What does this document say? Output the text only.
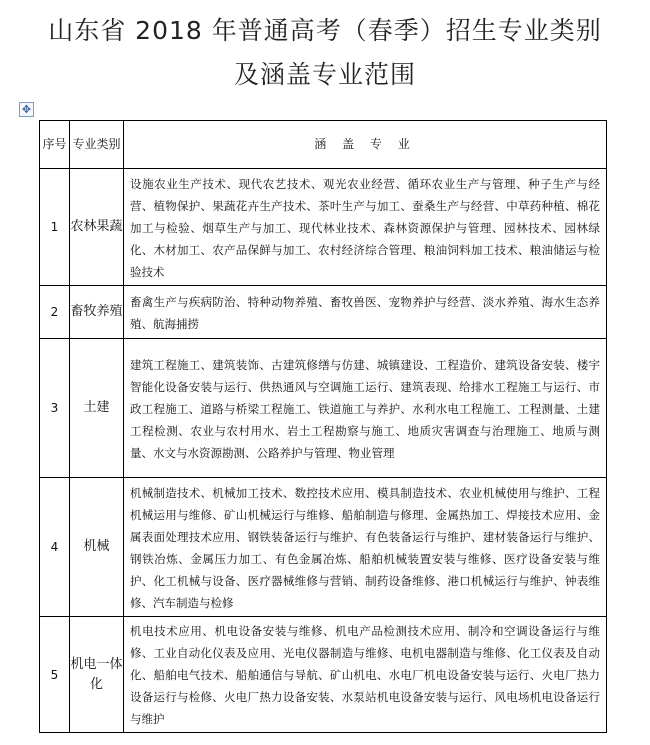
山东省 2018 年普通高考（春季）招生专业类别
及涵盖专业范围
✥
序号	专业类别	涵 盖 专 业
1	农林果蔬	设施农业生产技术、现代农艺技术、观光农业经营、循环农业生产与管理、种子生产与经营、植物保护、果蔬花卉生产技术、茶叶生产与加工、蚕桑生产与经营、中草药种植、棉花加工与检验、烟草生产与加工、现代林业技术、森林资源保护与管理、园林技术、园林绿化、木材加工、农产品保鲜与加工、农村经济综合管理、粮油饲料加工技术、粮油储运与检验技术
2	畜牧养殖	畜禽生产与疾病防治、特种动物养殖、畜牧兽医、宠物养护与经营、淡水养殖、海水生态养殖、航海捕捞
3	土建	建筑工程施工、建筑装饰、古建筑修缮与仿建、城镇建设、工程造价、建筑设备安装、楼宇智能化设备安装与运行、供热通风与空调施工运行、建筑表现、给排水工程施工与运行、市政工程施工、道路与桥梁工程施工、铁道施工与养护、水利水电工程施工、工程测量、土建工程检测、农业与农村用水、岩土工程勘察与施工、地质灾害调查与治理施工、地质与测量、水文与水资源勘测、公路养护与管理、物业管理
4	机械	机械制造技术、机械加工技术、数控技术应用、模具制造技术、农业机械使用与维护、工程机械运用与维修、矿山机械运行与维修、船舶制造与修理、金属热加工、焊接技术应用、金属表面处理技术应用、钢铁装备运行与维护、有色装备运行与维护、建材装备运行与维护、钢铁冶炼、金属压力加工、有色金属冶炼、船舶机械装置安装与维修、医疗设备安装与维护、化工机械与设备、医疗器械维修与营销、制药设备维修、港口机械运行与维护、钟表维修、汽车制造与检修
5	机电一体化	机电技术应用、机电设备安装与维修、机电产品检测技术应用、制冷和空调设备运行与维修、工业自动化仪表及应用、光电仪器制造与维修、电机电器制造与维修、化工仪表及自动化、船舶电气技术、船舶通信与导航、矿山机电、水电厂机电设备安装与运行、火电厂热力设备运行与检修、火电厂热力设备安装、水泵站机电设备安装与运行、风电场机电设备运行与维护
